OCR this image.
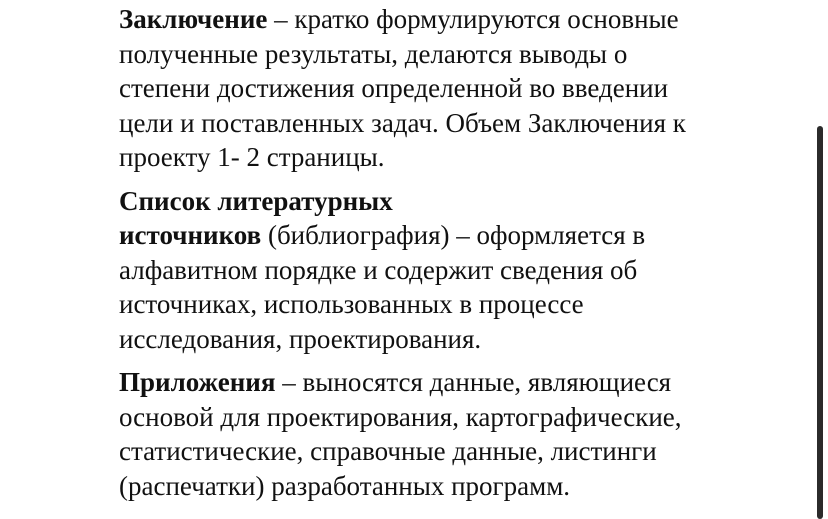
Заключение – кратко формулируются основные
полученные результаты, делаются выводы о
степени достижения определенной во введении
цели и поставленных задач. Объем Заключения к
проекту 1- 2 страницы.

Список литературных
источников (библиография) – оформляется в
алфавитном порядке и содержит сведения об
источниках, использованных в процессе
исследования, проектирования.

Приложения – выносятся данные, являющиеся
основой для проектирования, картографические,
статистические, справочные данные, листинги
(распечатки) разработанных программ.
